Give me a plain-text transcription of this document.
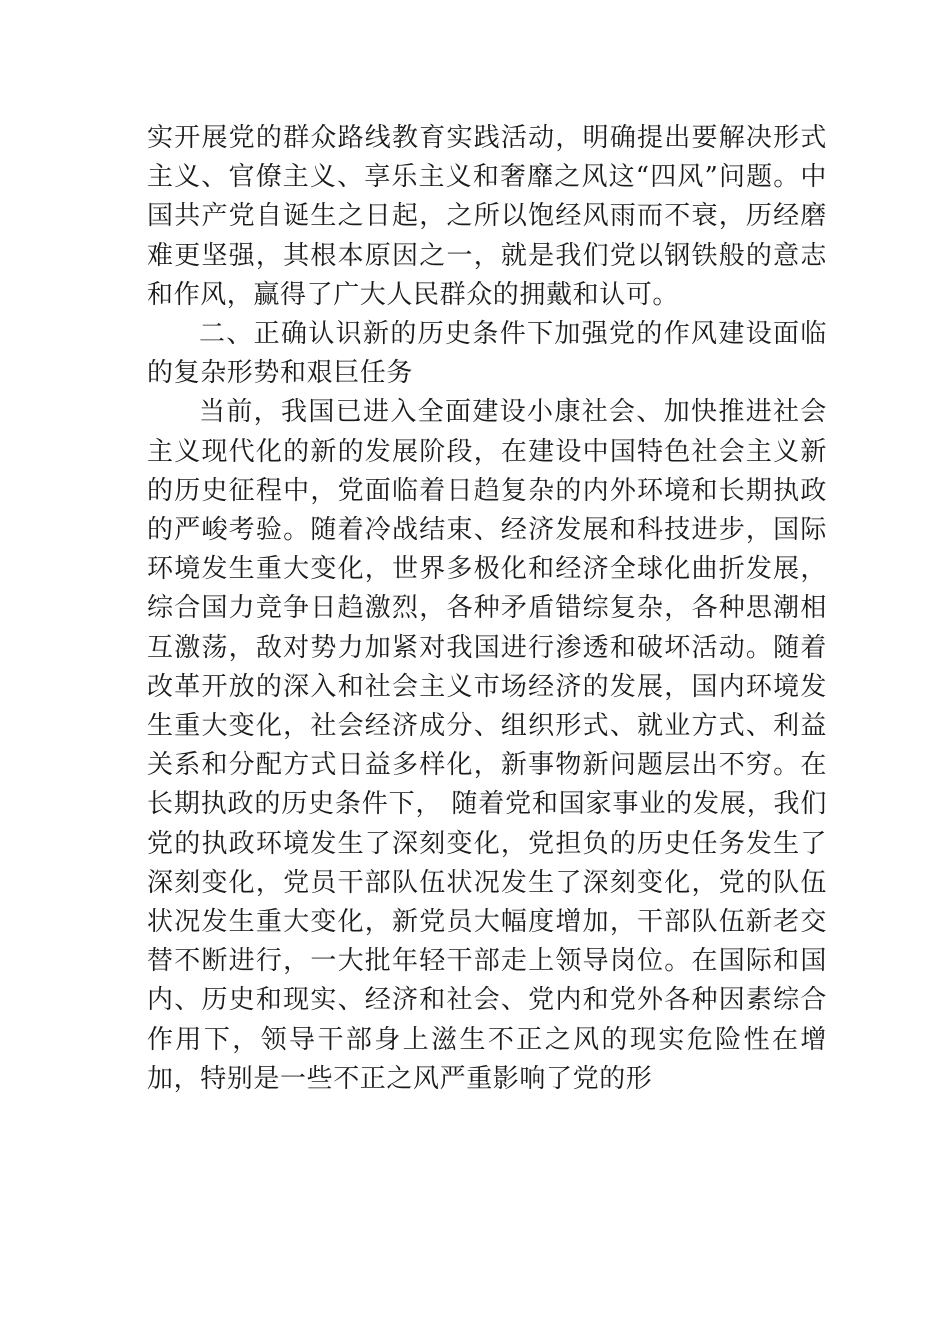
实开展党的群众路线教育实践活动，明确提出要解决形式主义、官僚主义、享乐主义和奢靡之风这“四风”问题。中国共产党自诞生之日起，之所以饱经风雨而不衰，历经磨难更坚强，其根本原因之一，就是我们党以钢铁般的意志和作风，赢得了广大人民群众的拥戴和认可。

二、正确认识新的历史条件下加强党的作风建设面临的复杂形势和艰巨任务

当前，我国已进入全面建设小康社会、加快推进社会主义现代化的新的发展阶段，在建设中国特色社会主义新的历史征程中，党面临着日趋复杂的内外环境和长期执政的严峻考验。随着冷战结束、经济发展和科技进步，国际环境发生重大变化，世界多极化和经济全球化曲折发展，综合国力竞争日趋激烈，各种矛盾错综复杂，各种思潮相互激荡，敌对势力加紧对我国进行渗透和破坏活动。随着改革开放的深入和社会主义市场经济的发展，国内环境发生重大变化，社会经济成分、组织形式、就业方式、利益关系和分配方式日益多样化，新事物新问题层出不穷。在长期执政的历史条件下， 随着党和国家事业的发展，我们党的执政环境发生了深刻变化，党担负的历史任务发生了深刻变化，党员干部队伍状况发生了深刻变化，党的队伍状况发生重大变化，新党员大幅度增加，干部队伍新老交替不断进行，一大批年轻干部走上领导岗位。在国际和国内、历史和现实、经济和社会、党内和党外各种因素综合作用下，领导干部身上滋生不正之风的现实危险性在增加，特别是一些不正之风严重影响了党的形
